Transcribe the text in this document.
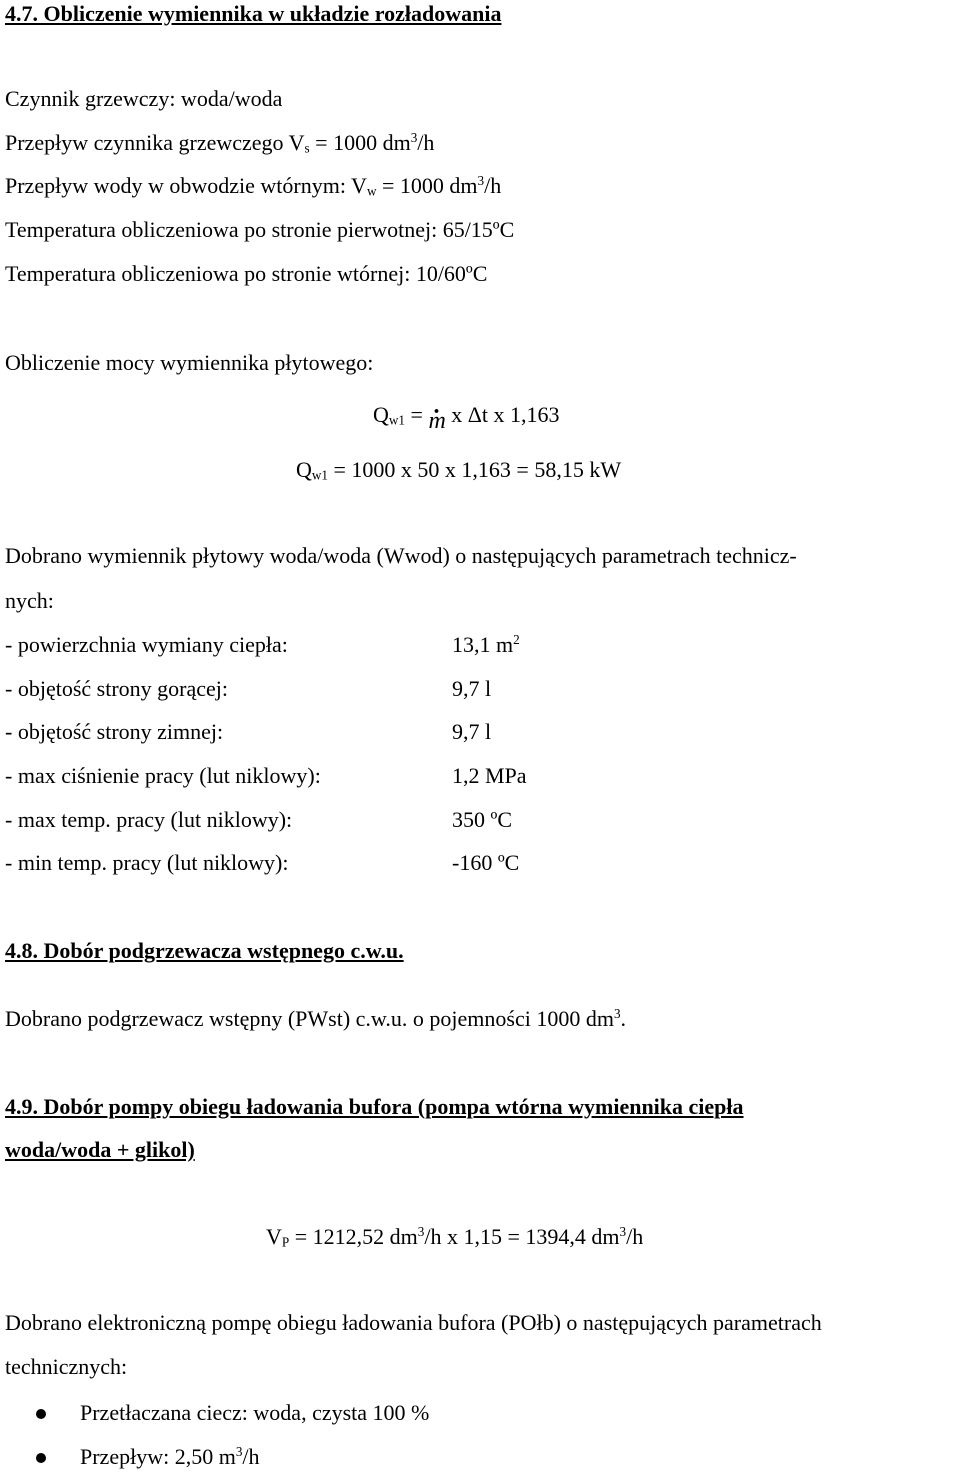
4.7. Obliczenie wymiennika w układzie rozładowania
Czynnik grzewczy: woda/woda
Przepływ czynnika grzewczego $V_s = 1000$ $dm^3/h$
Przepływ wody w obwodzie wtórnym: $V_w = 1000$ $dm^3/h$
Temperatura obliczeniowa po stronie pierwotnej: 65/15ºC
Temperatura obliczeniowa po stronie wtórnej: 10/60ºC
Obliczenie mocy wymiennika płytowego:
$Q_{w1}$ = . m x Δt x 1,163
$Q_{w1} = 1000$ x 50 x 1,163 = 58,15 kW
Dobrano wymiennik płytowy woda/woda (Wwod) o następujących parametrach technicz-
nych:
- powierzchnia wymiany ciepła:	13,1 $m^2$
- objętość strony gorącej:	9,7 l
- objętość strony zimnej:	9,7 l
- max ciśnienie pracy (lut niklowy):	1,2 MPa
- max temp. pracy (lut niklowy):	350 ºC
- min temp. pracy (lut niklowy):	-160 ºC
4.8. Dobór podgrzewacza wstępnego c.w.u.
Dobrano podgrzewacz wstępny (PWst) c.w.u. o pojemności 1000 $dm^3$.
4.9. Dobór pompy obiegu ładowania bufora (pompa wtórna wymiennika ciepła
woda/woda + glikol)
$V_P = 1212,52$ $dm^3/h$ x 1,15 = 1394,4 $dm^3/h$
Dobrano elektroniczną pompę obiegu ładowania bufora (POłb) o następujących parametrach
technicznych:
Przetłaczana ciecz: woda, czysta 100 %
Przepływ: 2,50 $m^3/h$
